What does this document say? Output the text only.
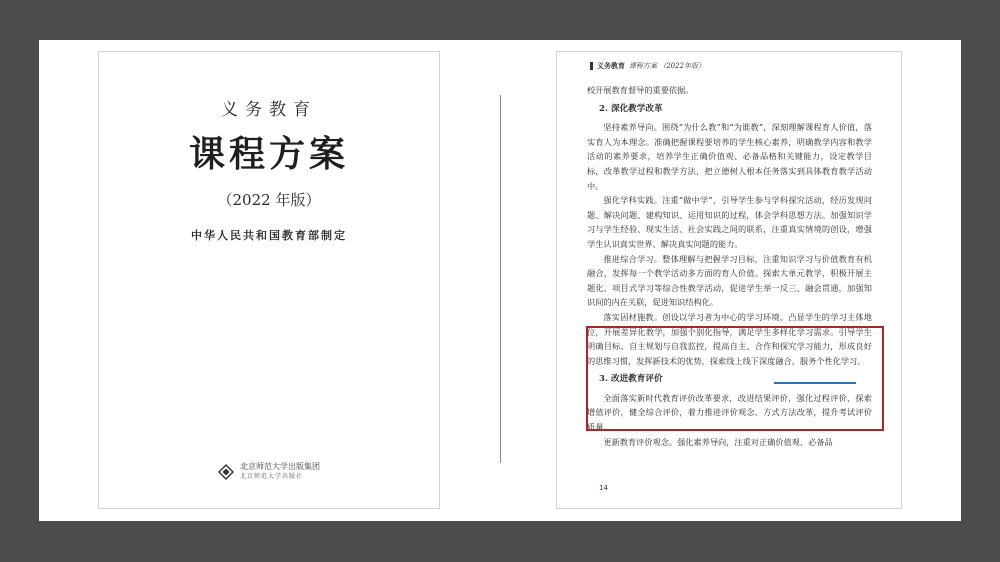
义务教育
课程方案
（2022 年版）
中华人民共和国教育部制定
北京师范大学出版集团
北京师范大学出版社
义务教育 课程方案 （2022年版）

校开展教育督导的重要依据。

2. 深化教学改革

坚持素养导向。围绕“为什么教”和“为谁教”，深刻理解课程育人价值，落实育人为本理念。准确把握课程要培养的学生核心素养，明确教学内容和教学活动的素养要求，培养学生正确价值观、必备品格和关键能力，设定教学目标，改革教学过程和教学方法，把立德树人根本任务落实到具体教育教学活动中。

强化学科实践。注重“做中学”，引导学生参与学科探究活动，经历发现问题、解决问题、建构知识、运用知识的过程，体会学科思想方法。加强知识学习与学生经验、现实生活、社会实践之间的联系，注重真实情境的创设，增强学生认识真实世界、解决真实问题的能力。

推进综合学习。整体理解与把握学习目标，注重知识学习与价值教育有机融合，发挥每一个教学活动多方面的育人价值。探索大单元教学，积极开展主题化、项目式学习等综合性教学活动，促进学生举一反三、融会贯通，加强知识间的内在关联，促进知识结构化。

落实因材施教。创设以学习者为中心的学习环境，凸显学生的学习主体地位，开展差异化教学，加强个别化指导，满足学生多样化学习需求。引导学生明确目标、自主规划与自我监控，提高自主、合作和探究学习能力，形成良好的思维习惯，发挥新技术的优势，探索线上线下深度融合，服务个性化学习。

3. 改进教育评价

全面落实新时代教育评价改革要求，改进结果评价，强化过程评价，探索增值评价，健全综合评价，着力推进评价观念、方式方法改革，提升考试评价质量。

更新教育评价观念。强化素养导向，注重对正确价值观、必备品

14
